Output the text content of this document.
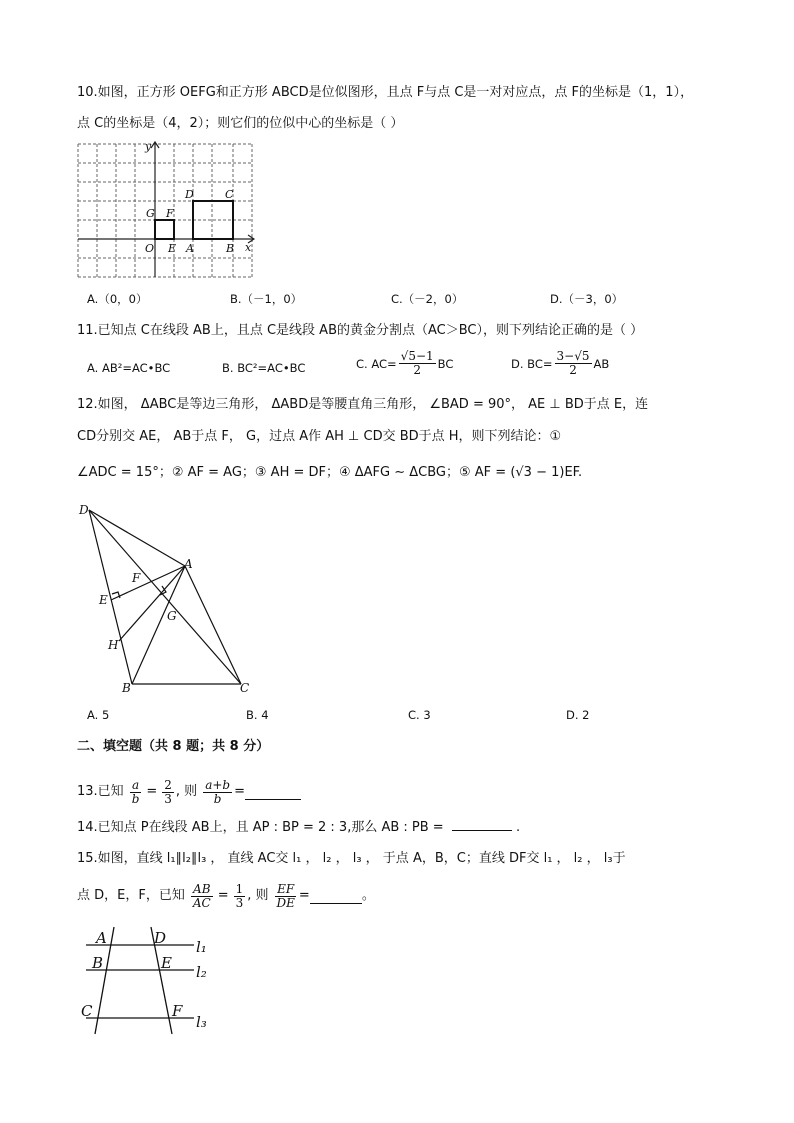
10.如图，正方形 OEFG和正方形 ABCD是位似图形，且点 F与点 C是一对对应点，点 F的坐标是（1，1），
点 C的坐标是（4，2）；则它们的位似中心的坐标是（ ）
y
x
O E A	B
G F
D	C
A.（0，0）	B.（－1，0）	C.（－2，0）	D.（－3，0）
11.已知点 C在线段 AB上，且点 C是线段 AB的黄金分割点（AC＞BC），则下列结论正确的是（ ）
A. AB²=AC•BC	B. BC²=AC•BC	C. $AC= \frac{√5-1}{2}$ BC	D. $BC= \frac{3-√5}{2}$ AB
12.如图， ΔABC是等边三角形， ΔABD是等腰直角三角形， ∠BAD = 90°， AE ⊥ BD于点 E，连
CD分别交 AE， AB于点 F， G，过点 A作 AH ⊥ CD交 BD于点 H，则下列结论：①
∠ADC = 15°；② AF = AG；③ AH = DF；④ ΔAFG ∼ ΔCBG；⑤ AF = (√3 − 1)EF.
D
A
F
E
G
H
B	C
A. 5	B. 4	C. 3	D. 2
二、填空题（共 8 题；共 8 分）
13.已知 $\frac{a}{b} = \frac{2}{3}$ , 则 $\frac{a+b}{b}$ =
14.已知点 P在线段 AB上，且 AP : BP = 2 : 3,那么 AB : PB =	.
15.如图，直线 l₁∥l₂∥l₃ ， 直线 AC交 l₁ ， l₂ ， l₃ ， 于点 A，B，C；直线 DF交 l₁ ， l₂ ， l₃于
点 D，E，F，已知 $\frac{AB}{AC} = \frac{1}{3}$ , 则 $\frac{EF}{DE}$ =	。
A	D
B	E
C	F
l₁
l₂
l₃
